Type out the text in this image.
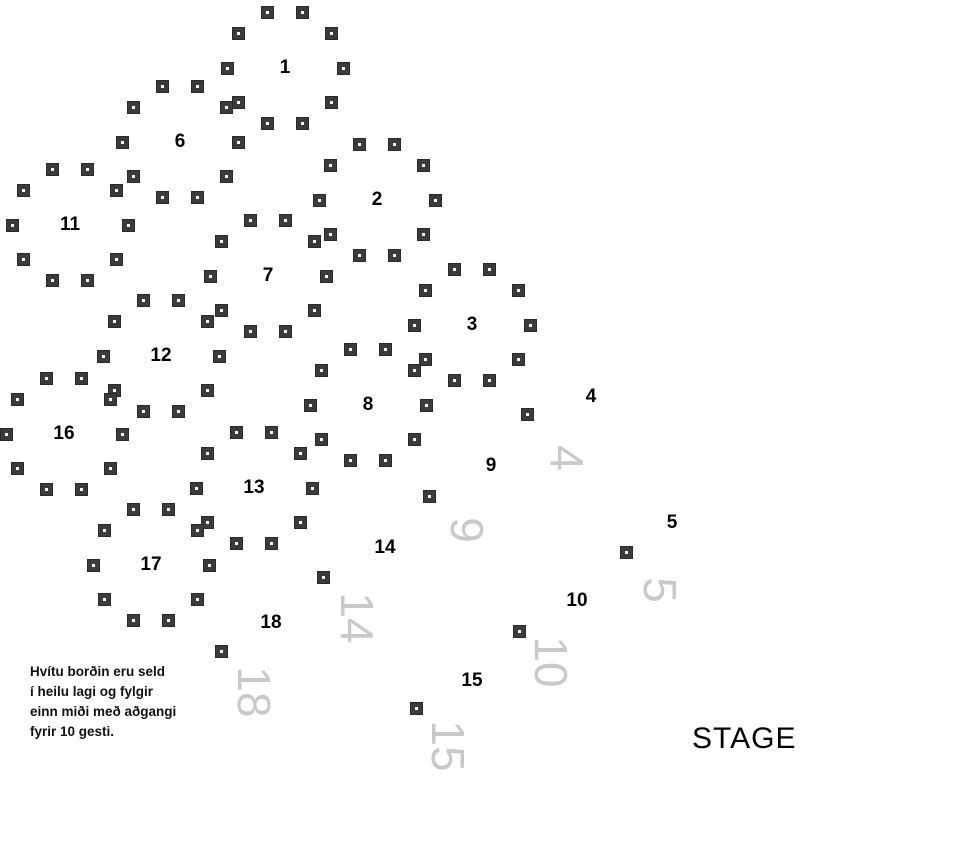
1
6
2
11
7
3
12
8
16
13
17
4
4
9
9	5
5
14
14	10
10
18
18	15
15
Hvítu borðin eru seld
í heilu lagi og fylgir
einn miði með aðgangi
fyrir 10 gesti.	STAGE
